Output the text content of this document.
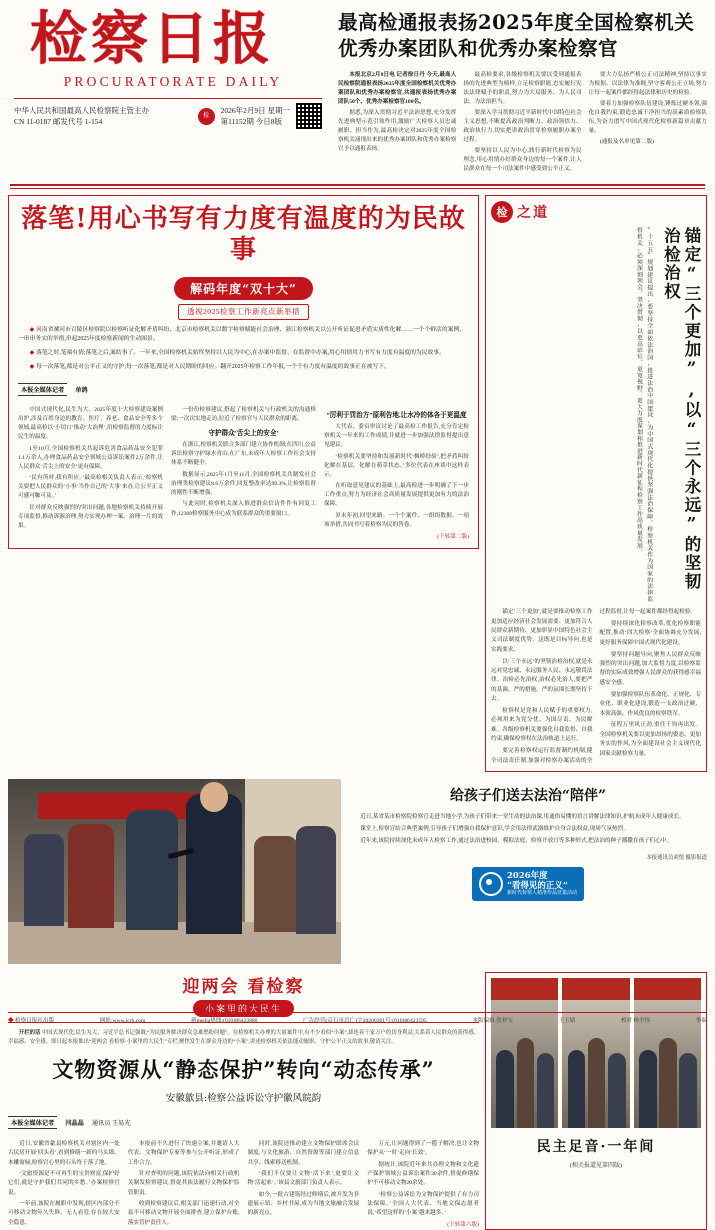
检察日报
PROCURATORATE DAILY
中华人民共和国最高人民检察院主管主办
CN 11-0187 邮发代号 1-154
检
2026年2月9日 星期一
第11152期 今日8版
最高检通报表扬2025年度全国检察机关优秀办案团队和优秀办案检察官

本报北京2月8日电 记者徐日丹 今天,最高人民检察院通报表扬2025年度全国检察机关优秀办案团队和优秀办案检察官,共通报表扬优秀办案团队50个、优秀办案检察官100名。

据悉,为深入贯彻习近平法治思想,充分发挥先进典型示范引领作用,激励广大检察人员忠诚履职、担当作为,最高检决定对2025年度全国检察机关涌现出来的优秀办案团队和优秀办案检察官予以通报表扬。

最高检要求,各级检察机关要以受到通报表扬的先进典型为榜样,立足检察职能,忠实履行宪法法律赋予的职责,努力为大局服务、为人民司法、为法治担当。

要深入学习贯彻习近平新时代中国特色社会主义思想,不断提高政治判断力、政治领悟力、政治执行力,切实把讲政治贯穿检察履职办案全过程。

要坚持以人民为中心,践行新时代检察为民理念,用心用情办好群众身边的每一个案件,让人民群众在每一个司法案件中感受到公平正义。

要大力弘扬严格公正司法精神,坚持以事实为根据、以法律为准绳,坚守客观公正立场,努力让每一起案件都经得起法律和历史的检验。

要着力加强检察队伍建设,锤炼过硬本领,强化自我约束,锻造忠诚干净担当的高素质检察队伍,为奋力谱写中国式现代化检察新篇章贡献力量。

(通报及名单见第二版)

落笔!用心书写有力度有温度的为民故事
解码年度“双十大”
透视2025检察工作新亮点新举措

◆ 河南省漯河市召陵区检察院以检察听证化解矛盾纠纷、北京市检察机关以数字检察赋能社会治理、浙江检察机关以公开听证促进矛盾实质性化解……一个个鲜活的案例、一串串务实的举措,串起2025年度检察新闻的生动图景。

◆ 落笔之时,笔端有情;落笔之后,案结事了。一年来,全国检察机关始终坚持以人民为中心,在办案中监督、在监督中办案,用心用情用力书写有力度有温度的为民故事。

◆ 每一次落笔,都是对公平正义的守护;每一次落笔,都是对人民期盼的回应。翻开2025年检察工作年报,一个个有力度有温度的故事正在被写下。

本报全媒体记者 单鸽

中国式现代化,民生为大。2025年度十大检察建设案例出炉,涉及百姓身边的教育、医疗、养老、食品安全等多个领域,最高检以‘小切口’推动‘大治理’,用检察监督的力度标注民生的温度。

1至10月,全国检察机关共起诉危害食品药品安全犯罪1.1万余人,办理食品药品安全领域公益诉讼案件2万余件,让人民群众‘舌尖上的安全’更有保障。

‘民有所呼,我有所应。’最高检相关负责人表示,‘检察机关要把人民群众的‘小事’当作自己的‘大事’来办,让公平正义可感可触可及。’

针对群众反映强烈的突出问题,各地检察机关持续开展专项监督,推动诉源治理,努力实现办理一案、治理一片的效果。

一份份检察建议,搭起了检察机关与行政机关的沟通桥梁;一次次实地走访,拉近了检察官与人民群众的距离。

守护群众‘舌尖上的安全’

在浙江,检察机关联合多部门建立协作机制;在四川,公益诉讼检察守护绿水青山;在广东,未成年人检察工作社会支持体系不断健全。

数据显示,2025年1月至11月,全国检察机关共制发社会治理类检察建议8.6万余件,回复整改率达99.3%,让检察监督的刚性不断增强。

与此同时,检察机关深入推进群众信访件件有回复工作,12309检察服务中心成为联系群众的重要窗口。

“厉利于罚治方”原利告地,让水冷的体各于更温度

大代表、委员审议讨论了最高检工作报告,充分肯定检察机关一年来的工作成绩,并就进一步加强法律监督提出意见建议。

‘检察机关要坚持和发展新时代‘枫桥经验’,把矛盾纠纷化解在基层、化解在萌芽状态。’多位代表在座谈中这样表示。

在听取意见建议的基础上,最高检进一步明确了下一步工作重点,努力为经济社会高质量发展提供更加有力的法治保障。

岁末年初,回望来路。一个个案件、一组组数据、一项项举措,共同书写着检察为民的答卷。

(下转第二版)
检 之道
锚定“三个更加”,以“三个永远”的坚韧治检治权
“十五五”规划建议提出,要坚持全面依法治国,推进法治中国建设,为中国式现代化提供坚强法治保障。检察机关作为国家的法律监督机关,必须深刻领会、坚决贯彻,以更高站位、更宽视野、更大力度谋划和推进新时代新征程检察工作高质量发展。

锚定‘三个更加’,就是要推动检察工作更加适应经济社会发展需要、更加符合人民群众新期待、更加彰显中国特色社会主义司法制度优势。这既是目标导向,也是实践要求。

以‘三个永远’的坚韧治检治权,就是永远对党忠诚、永远服务人民、永远敬畏法律。治检必先治权,治权必先治人,要把严的基调、严的措施、严的氛围长期坚持下去。

检察权是党和人民赋予的重要权力,必须用来为党分忧、为国尽责、为民解难。各级检察机关要强化自我监督、自我约束,确保检察权在法治轨道上运行。

要完善检察权运行监督制约机制,健全司法责任制,加强对检察办案活动的全过程监督,让每一起案件都经得起检验。

要持续深化检察改革,优化检察职能配置,推动‘四大检察’全面协调充分发展,更好服务保障中国式现代化建设。

要坚持问题导向,聚焦人民群众反映强烈的突出问题,加大监督力度,以检察监督的实际成效增强人民群众的获得感幸福感安全感。

要加强检察队伍革命化、正规化、专业化、职业化建设,锻造一支政治过硬、本领高强、作风优良的检察铁军。

征程万里风正劲,重任千钧再出发。全国检察机关要以更加昂扬的姿态、更加务实的作风,为全面建设社会主义现代化国家贡献检察力量。

给孩子们送去法治“陪伴”

近日,某省某市检察院检察官走进当地小学,为孩子们带来一堂生动的法治课,用通俗易懂的语言讲解法律知识,护航未成年人健康成长。

课堂上,检察官结合典型案例,引导孩子们增强自我保护意识,学会用法律武器维护自身合法权益,现场气氛热烈。

近年来,该院持续深化未成年人检察工作,通过法治进校园、模拟法庭、检察开放日等多种形式,把法治的种子播撒在孩子们心中。

本报通讯员刘悦 摄影报道
2026年度
“看得见的正义”
新时代检察人精准作品征集活动
迎两会 看检察
小案里的大民生

开栏的话 中国式现代化,民生为大。习近平总书记强调,“为民服务解决群众急难愁盼问题”。在检察机关办理的大量案件中,有不少看似“小案”,却连着千家万户的切身利益,关系着人民群众的获得感、幸福感、安全感。即日起本报推出“迎两会 看检察·小案里的大民生”专栏,聚焦发生在群众身边的“小案”,讲述检察机关依法能动履职、守护公平正义的故事,敬请关注。

文物资源从“静态保护”转向“动态传承”
安徽歙县:检察公益诉讼守护徽风皖韵
本报全媒体记者 闫晶晶 通讯员 王易光

近日,安徽省歙县检察机关对辖区内一处古民居开展‘回头看’,看到修缮一新的马头墙、木雕窗棂,检察官心里的石头终于落了地。

‘文旅资源是不可再生的宝贵财富,保护好它们,就是守护我们共同的乡愁。’办案检察官说。

一年前,该院在履职中发现,辖区内部分不可移动文物年久失修、无人看管,存在较大安全隐患。

本报前不久进行了快速立案,并邀请人大代表、文物保护专家等参与公开听证,形成了工作合力。

针对查明的问题,该院依法向相关行政机关制发检察建议,督促其依法履行文物保护监管职责。

收到检察建议后,相关部门迅速行动,对全县不可移动文物开展全面排查,建立保护台账,落实管护责任人。

同时,该院还推动建立文物保护联席会议制度,与文化旅游、自然资源等部门建立信息共享、线索移送机制。

‘我们不仅要让文物‘活下来’,更要让文物‘活起来’。’该县文旅部门负责人表示。

如今,一批古建筑经过修缮后,被开发为非遗展示馆、乡村书屋,成为当地文旅融合发展的新亮点。

万元,让问题得到了一揽子解决,也让文物保护从‘一时’走向‘长效’。

据统计,该院近年来共办理文物和文化遗产保护领域公益诉讼案件30余件,督促修缮保护不可移动文物20余处。

‘检察公益诉讼为文物保护提供了有力司法保障。’全国人大代表、当地文保志愿者说,‘希望这样的‘小案’越来越多。’

(下转第六版)
民主足音·一年间
(相关报道见第四版)
◆ 检察日报社出版	网址:www.jcrb.com	新media热线:(010)86423880	广告经营(京石市总广)字20200301号:(010)86423595	本版编辑 张亚宝	王玉婧	校对 杨全伟	李瑞
